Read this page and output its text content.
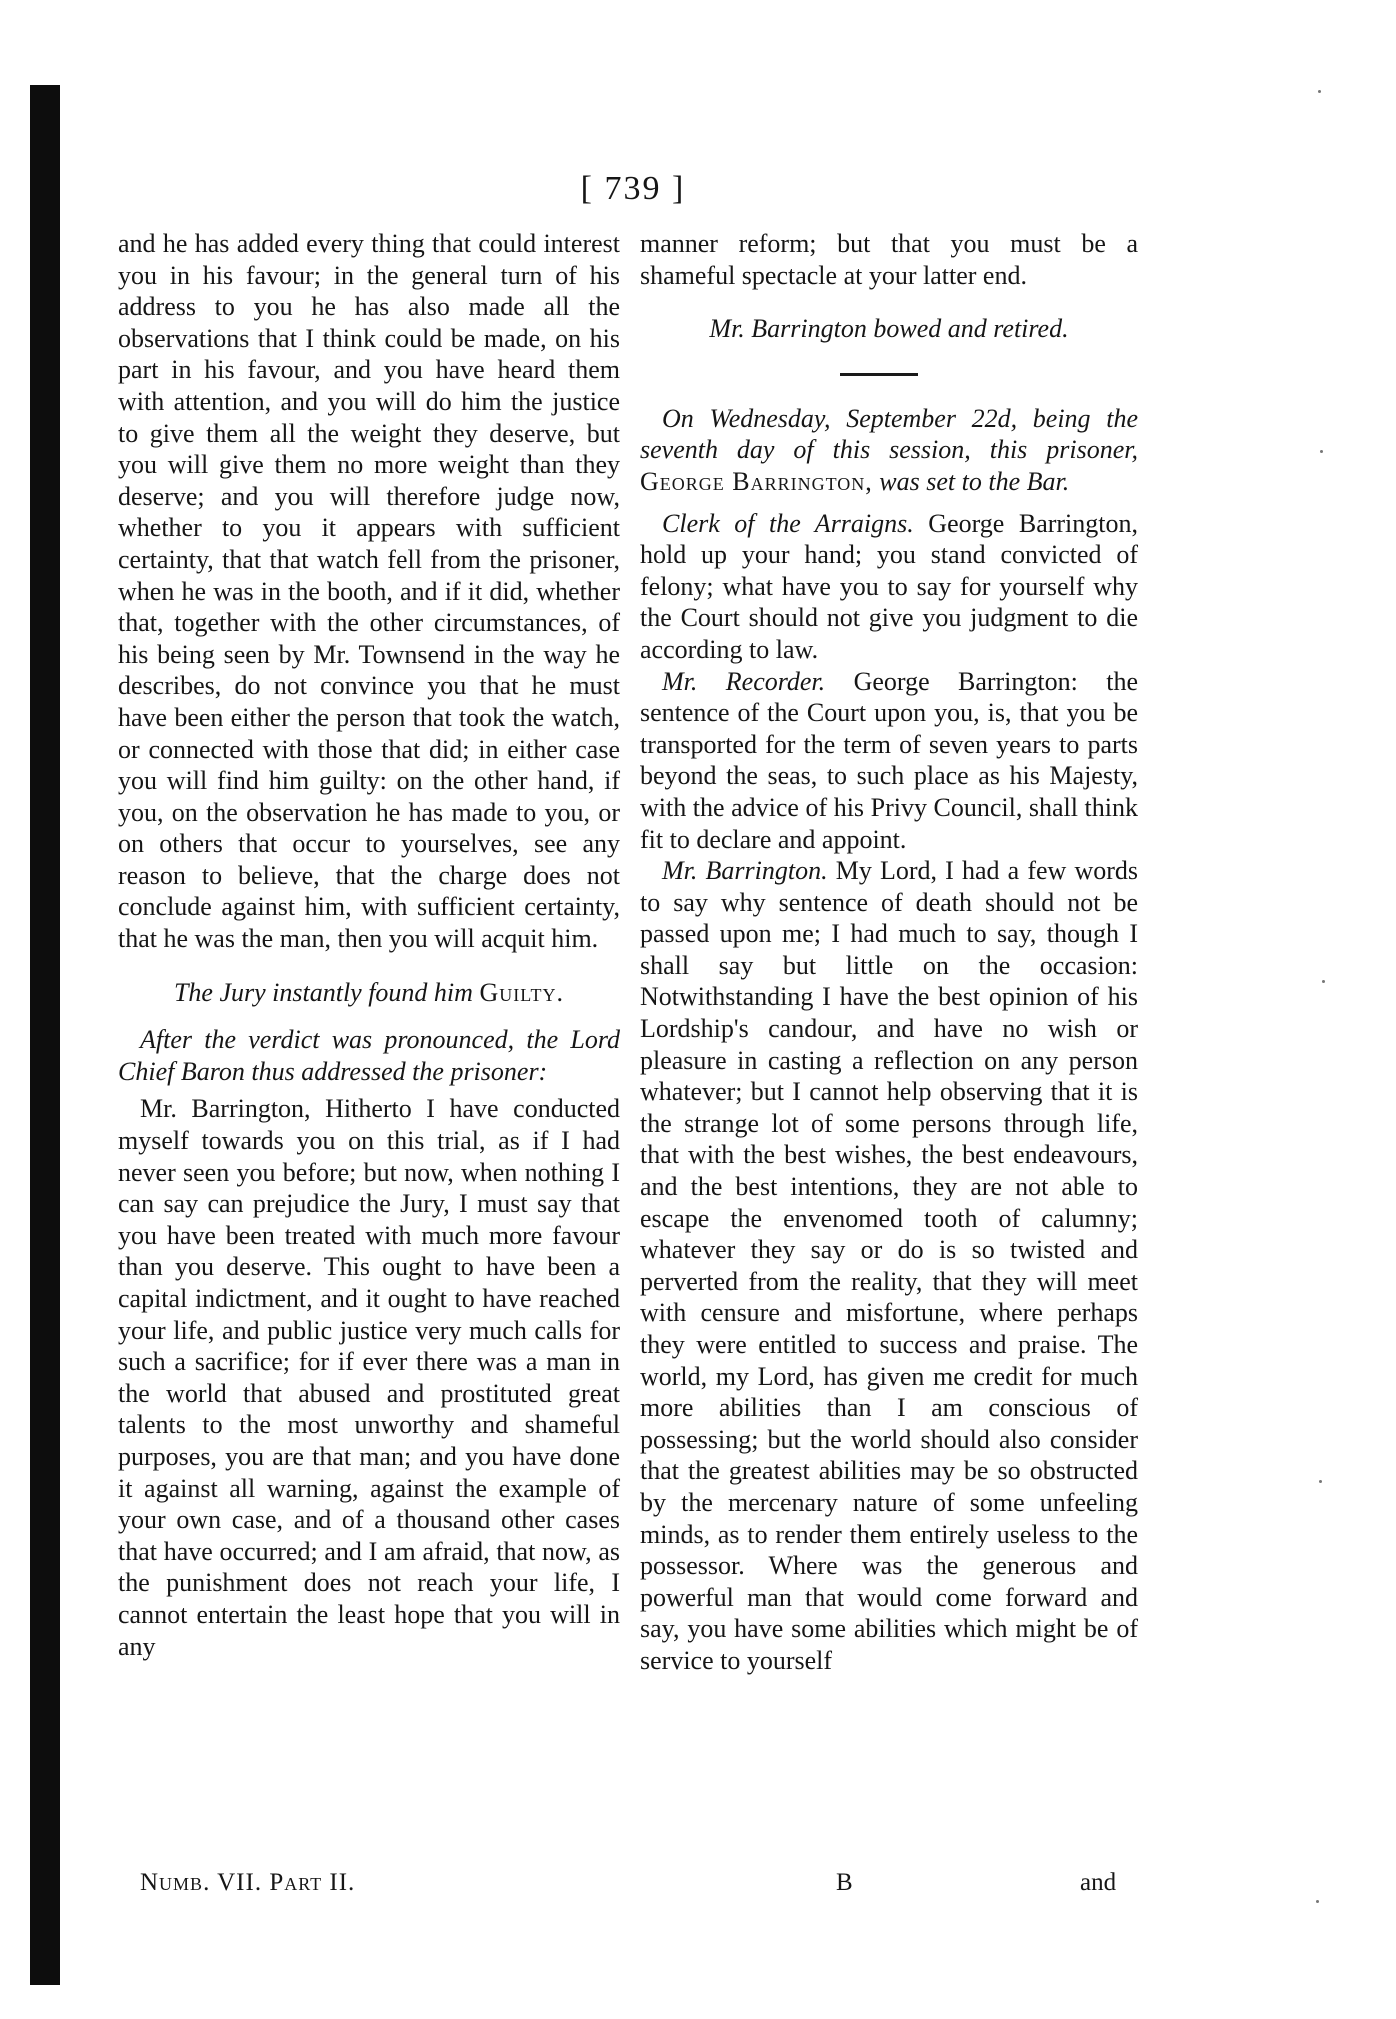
[ 739 ]

and he has added every thing that could interest you in his favour; in the general turn of his address to you he has also made all the observations that I think could be made, on his part in his favour, and you have heard them with attention, and you will do him the justice to give them all the weight they deserve, but you will give them no more weight than they deserve; and you will therefore judge now, whether to you it appears with sufficient certainty, that that watch fell from the prisoner, when he was in the booth, and if it did, whether that, together with the other circumstances, of his being seen by Mr. Townsend in the way he describes, do not convince you that he must have been either the person that took the watch, or connected with those that did; in either case you will find him guilty: on the other hand, if you, on the observation he has made to you, or on others that occur to yourselves, see any reason to believe, that the charge does not conclude against him, with sufficient certainty, that he was the man, then you will acquit him.

The Jury instantly found him Guilty.

After the verdict was pronounced, the Lord Chief Baron thus addressed the prisoner:

Mr. Barrington, Hitherto I have conducted myself towards you on this trial, as if I had never seen you before; but now, when nothing I can say can prejudice the Jury, I must say that you have been treated with much more favour than you deserve. This ought to have been a capital indictment, and it ought to have reached your life, and public justice very much calls for such a sacrifice; for if ever there was a man in the world that abused and prostituted great talents to the most unworthy and shameful purposes, you are that man; and you have done it against all warning, against the example of your own case, and of a thousand other cases that have occurred; and I am afraid, that now, as the punishment does not reach your life, I cannot entertain the least hope that you will in any

manner reform; but that you must be a shameful spectacle at your latter end.

Mr. Barrington bowed and retired.

On Wednesday, September 22d, being the seventh day of this session, this prisoner, George Barrington, was set to the Bar.

Clerk of the Arraigns. George Barrington, hold up your hand; you stand convicted of felony; what have you to say for yourself why the Court should not give you judgment to die according to law.

Mr. Recorder. George Barrington: the sentence of the Court upon you, is, that you be transported for the term of seven years to parts beyond the seas, to such place as his Majesty, with the advice of his Privy Council, shall think fit to declare and appoint.

Mr. Barrington. My Lord, I had a few words to say why sentence of death should not be passed upon me; I had much to say, though I shall say but little on the occasion: Notwithstanding I have the best opinion of his Lordship's candour, and have no wish or pleasure in casting a reflection on any person whatever; but I cannot help observing that it is the strange lot of some persons through life, that with the best wishes, the best endeavours, and the best intentions, they are not able to escape the envenomed tooth of calumny; whatever they say or do is so twisted and perverted from the reality, that they will meet with censure and misfortune, where perhaps they were entitled to success and praise. The world, my Lord, has given me credit for much more abilities than I am conscious of possessing; but the world should also consider that the greatest abilities may be so obstructed by the mercenary nature of some unfeeling minds, as to render them entirely useless to the possessor. Where was the generous and powerful man that would come forward and say, you have some abilities which might be of service to yourself

Numb. VII. Part II.	B	and
